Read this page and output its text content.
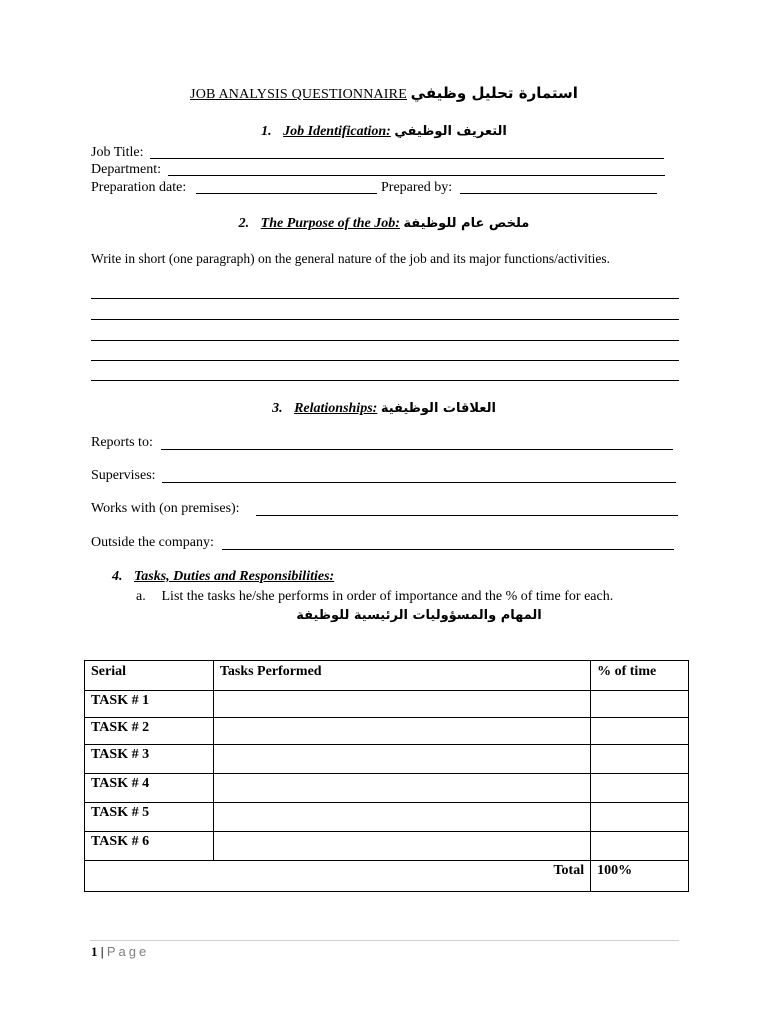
JOB ANALYSIS QUESTIONNAIRE استمارة تحليل وظيفي
1. Job Identification: التعريف الوظيفي
Job Title:
Department:
Preparation date:	Prepared by:
2. The Purpose of the Job: ملخص عام للوظيفة
Write in short (one paragraph) on the general nature of the job and its major functions/activities.
3. Relationships: العلاقات الوظيفية
Reports to:
Supervises:
Works with (on premises):
Outside the company:
4. Tasks, Duties and Responsibilities:
a. List the tasks he/she performs in order of importance and the % of time for each.
المهام والمسؤوليات الرئيسية للوظيفة
Serial	Tasks Performed	% of time
TASK # 1		
TASK # 2		
TASK # 3		
TASK # 4		
TASK # 5		
TASK # 6		
Total		100%
1 | Page
